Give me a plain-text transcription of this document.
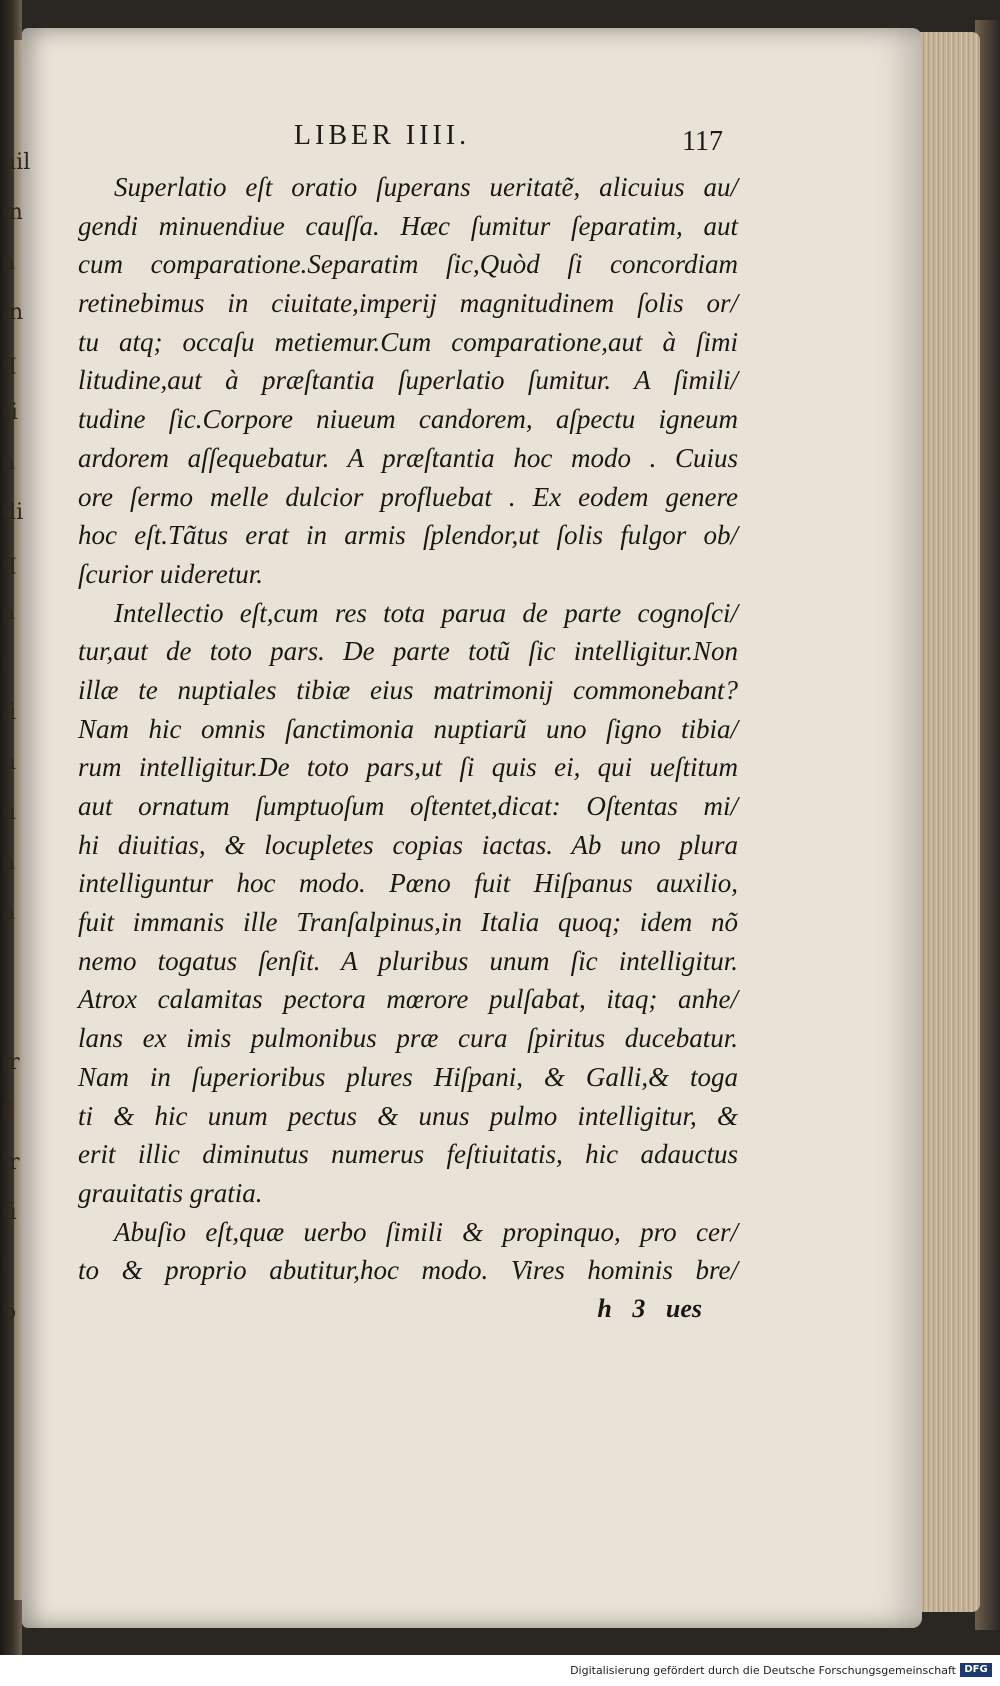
LIBER IIII.	117
Superlatio eſt oratio ſuperans ueritatẽ, alicuius au/
gendi minuendiue cauſſa. Hæc ſumitur ſeparatim, aut
cum comparatione.Separatim ſic,Quòd ſi concordiam
retinebimus in ciuitate,imperij magnitudinem ſolis or/
tu atq; occaſu metiemur.Cum comparatione,aut à ſimi
litudine,aut à præſtantia ſuperlatio ſumitur. A ſimili/
tudine ſic.Corpore niueum candorem, aſpectu igneum
ardorem aſſequebatur. A præſtantia hoc modo . Cuius
ore ſermo melle dulcior profluebat . Ex eodem genere
hoc eſt.Tãtus erat in armis ſplendor,ut ſolis fulgor ob/
ſcurior uideretur.
Intellectio eſt,cum res tota parua de parte cognoſci/
tur,aut de toto pars. De parte totũ ſic intelligitur.Non
illæ te nuptiales tibiæ eius matrimonij commonebant?
Nam hic omnis ſanctimonia nuptiarũ uno ſigno tibia/
rum intelligitur.De toto pars,ut ſi quis ei, qui ueſtitum
aut ornatum ſumptuoſum oſtentet,dicat: Oſtentas mi/
hi diuitias, & locupletes copias iactas. Ab uno plura
intelliguntur hoc modo. Pœno fuit Hiſpanus auxilio,
fuit immanis ille Tranſalpinus,in Italia quoq; idem nõ
nemo togatus ſenſit. A pluribus unum ſic intelligitur.
Atrox calamitas pectora mœrore pulſabat, itaq; anhe/
lans ex imis pulmonibus præ cura ſpiritus ducebatur.
Nam in ſuperioribus plures Hiſpani, & Galli,& toga
ti & hic unum pectus & unus pulmo intelligitur, &
erit illic diminutus numerus feſtiuitatis, hic adauctus
grauitatis gratia.
Abuſio eſt,quæ uerbo ſimili & propinquo, pro cer/
to & proprio abutitur,hoc modo. Vires hominis bre/
h 3 ues
uil
m
a
in
q
ti
a
di
q
a
i
ii
u
u
a
a
i
i
ir
f
ir
fi
i
p
Digitalisierung gefördert durch die Deutsche Forschungsgemeinschaft DFG
